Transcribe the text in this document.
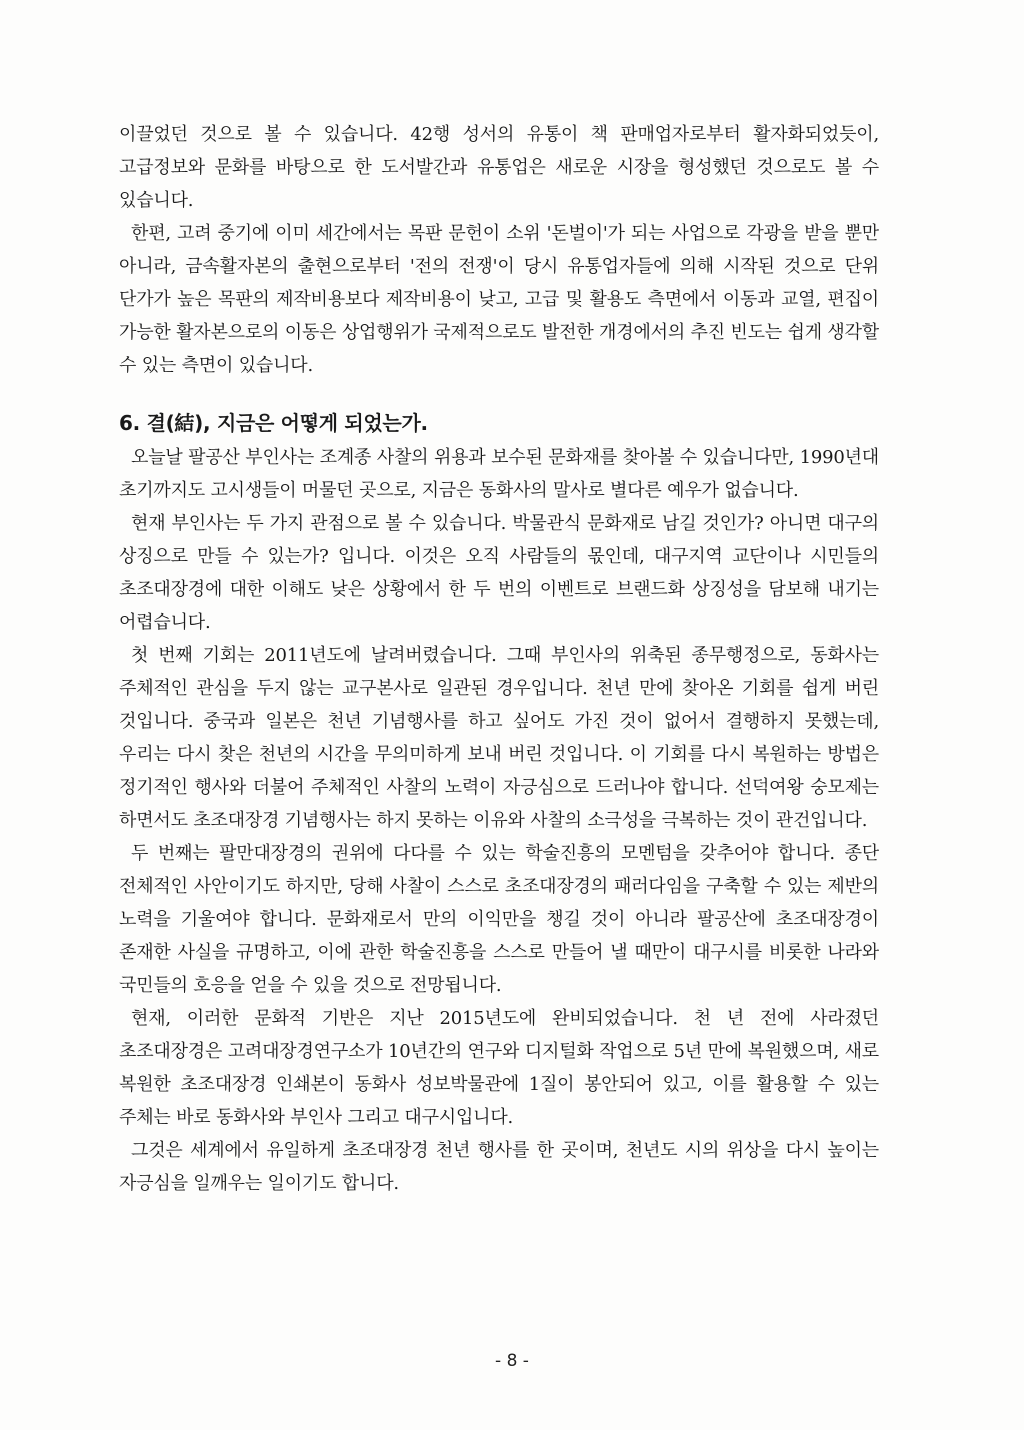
이끌었던 것으로 볼 수 있습니다. 42행 성서의 유통이 책 판매업자로부터 활자화되었듯이, 고급정보와 문화를 바탕으로 한 도서발간과 유통업은 새로운 시장을 형성했던 것으로도 볼 수 있습니다.

한편, 고려 중기에 이미 세간에서는 목판 문헌이 소위 '돈벌이'가 되는 사업으로 각광을 받을 뿐만 아니라, 금속활자본의 출현으로부터 '전의 전쟁'이 당시 유통업자들에 의해 시작된 것으로 단위 단가가 높은 목판의 제작비용보다 제작비용이 낮고, 고급 및 활용도 측면에서 이동과 교열, 편집이 가능한 활자본으로의 이동은 상업행위가 국제적으로도 발전한 개경에서의 추진 빈도는 쉽게 생각할 수 있는 측면이 있습니다.

6. 결(結), 지금은 어떻게 되었는가.

오늘날 팔공산 부인사는 조계종 사찰의 위용과 보수된 문화재를 찾아볼 수 있습니다만, 1990년대 초기까지도 고시생들이 머물던 곳으로, 지금은 동화사의 말사로 별다른 예우가 없습니다.

현재 부인사는 두 가지 관점으로 볼 수 있습니다. 박물관식 문화재로 남길 것인가? 아니면 대구의 상징으로 만들 수 있는가? 입니다. 이것은 오직 사람들의 몫인데, 대구지역 교단이나 시민들의 초조대장경에 대한 이해도 낮은 상황에서 한 두 번의 이벤트로 브랜드화 상징성을 담보해 내기는 어렵습니다.

첫 번째 기회는 2011년도에 날려버렸습니다. 그때 부인사의 위축된 종무행정으로, 동화사는 주체적인 관심을 두지 않는 교구본사로 일관된 경우입니다. 천년 만에 찾아온 기회를 쉽게 버린 것입니다. 중국과 일본은 천년 기념행사를 하고 싶어도 가진 것이 없어서 결행하지 못했는데, 우리는 다시 찾은 천년의 시간을 무의미하게 보내 버린 것입니다. 이 기회를 다시 복원하는 방법은 정기적인 행사와 더불어 주체적인 사찰의 노력이 자긍심으로 드러나야 합니다. 선덕여왕 숭모제는 하면서도 초조대장경 기념행사는 하지 못하는 이유와 사찰의 소극성을 극복하는 것이 관건입니다.

두 번째는 팔만대장경의 권위에 다다를 수 있는 학술진흥의 모멘텀을 갖추어야 합니다. 종단 전체적인 사안이기도 하지만, 당해 사찰이 스스로 초조대장경의 패러다임을 구축할 수 있는 제반의 노력을 기울여야 합니다. 문화재로서 만의 이익만을 챙길 것이 아니라 팔공산에 초조대장경이 존재한 사실을 규명하고, 이에 관한 학술진흥을 스스로 만들어 낼 때만이 대구시를 비롯한 나라와 국민들의 호응을 얻을 수 있을 것으로 전망됩니다.

현재, 이러한 문화적 기반은 지난 2015년도에 완비되었습니다. 천 년 전에 사라졌던 초조대장경은 고려대장경연구소가 10년간의 연구와 디지털화 작업으로 5년 만에 복원했으며, 새로 복원한 초조대장경 인쇄본이 동화사 성보박물관에 1질이 봉안되어 있고, 이를 활용할 수 있는 주체는 바로 동화사와 부인사 그리고 대구시입니다.

그것은 세계에서 유일하게 초조대장경 천년 행사를 한 곳이며, 천년도 시의 위상을 다시 높이는 자긍심을 일깨우는 일이기도 합니다.

- 8 -
